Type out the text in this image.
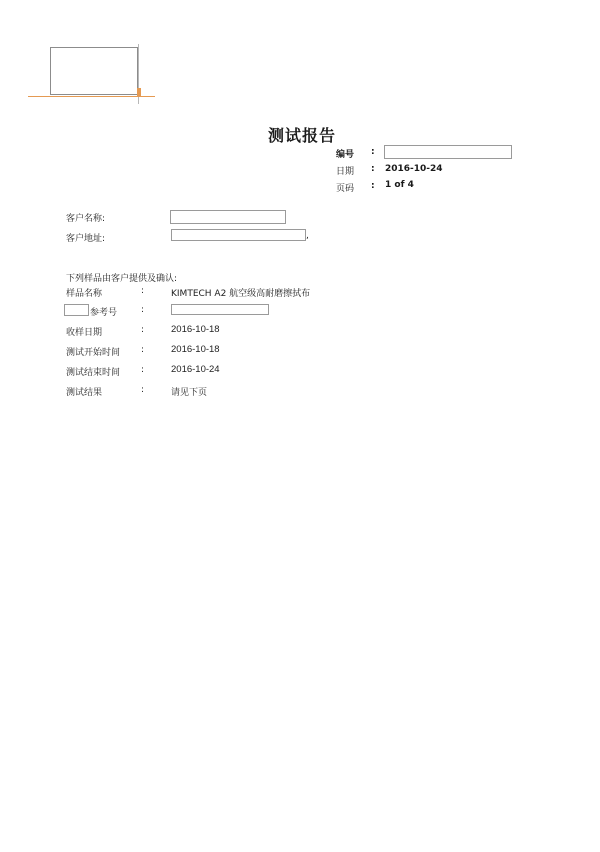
测试报告
编号 :
日期 : 2016-10-24
页码 : 1 of 4
客户名称:
客户地址:	,
下列样品由客户提供及确认:
样品名称	:	KIMTECH A2 航空级高耐磨擦拭布
参考号	:
收样日期	:	2016-10-18
测试开始时间 :	2016-10-18
测试结束时间 :	2016-10-24
测试结果	:	请见下页
